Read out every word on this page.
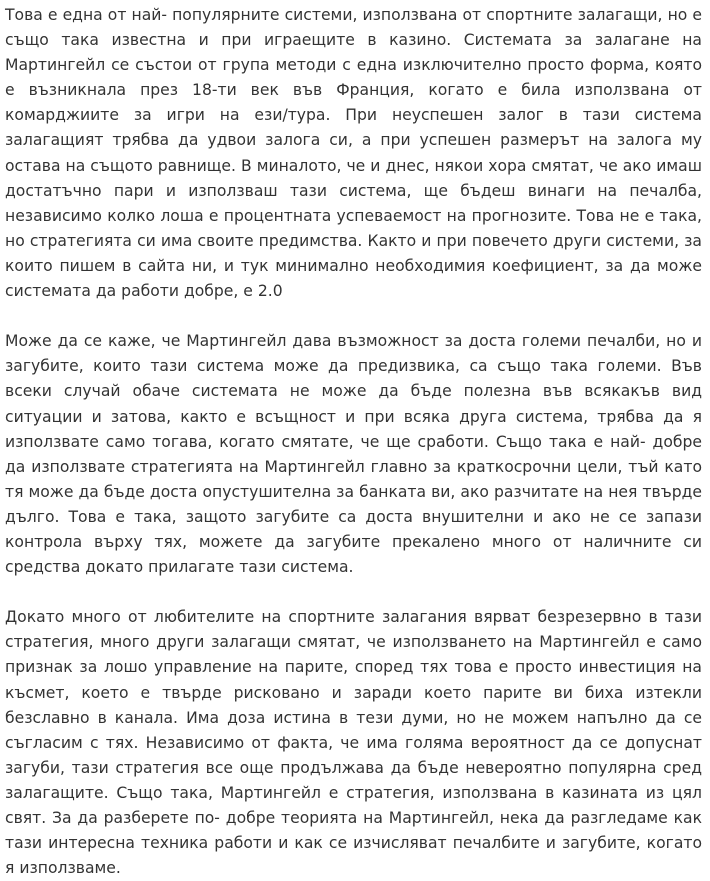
Това е една от най- популярните системи, използвана от спортните залагащи, но е също така известна и при играещите в казино. Системата за залагане на Мартингейл се състои от група методи с една изключително просто форма, която е възникнала през 18-ти век във Франция, когато е била използвана от комарджиите за игри на ези/тура. При неуспешен залог в тази система залагащият трябва да удвои залога си, а при успешен размерът на залога му остава на същото равнище. В миналото, че и днес, някои хора смятат, че ако имаш достатъчно пари и използваш тази система, ще бъдеш винаги на печалба, независимо колко лоша е процентната успеваемост на прогнозите. Това не е така, но стратегията си има своите предимства. Както и при повечето други системи, за които пишем в сайта ни, и тук минимално необходимия коефициент, за да може системата да работи добре, е 2.0

Може да се каже, че Мартингейл дава възможност за доста големи печалби, но и загубите, които тази система може да предизвика, са също така големи. Във всеки случай обаче системата не може да бъде полезна във всякакъв вид ситуации и затова, както е всъщност и при всяка друга система, трябва да я използвате само тогава, когато смятате, че ще сработи. Също така е най- добре да използвате стратегията на Мартингейл главно за краткосрочни цели, тъй като тя може да бъде доста опустушителна за банката ви, ако разчитате на нея твърде дълго. Това е така, защото загубите са доста внушителни и ако не се запази контрола върху тях, можете да загубите прекалено много от наличните си средства докато прилагате тази система.

Докато много от любителите на спортните залагания вярват безрезервно в тази стратегия, много други залагащи смятат, че използването на Мартингейл е само признак за лошо управление на парите, според тях това е просто инвестиция на късмет, което е твърде рисковано и заради което парите ви биха изтекли безславно в канала. Има доза истина в тези думи, но не можем напълно да се съгласим с тях. Независимо от факта, че има голяма вероятност да се допуснат загуби, тази стратегия все още продължава да бъде невероятно популярна сред залагащите. Също така, Мартингейл е стратегия, използвана в казината из цял свят. За да разберете по- добре теорията на Мартингейл, нека да разгледаме как тази интересна техника работи и как се изчисляват печалбите и загубите, когато я използваме.
